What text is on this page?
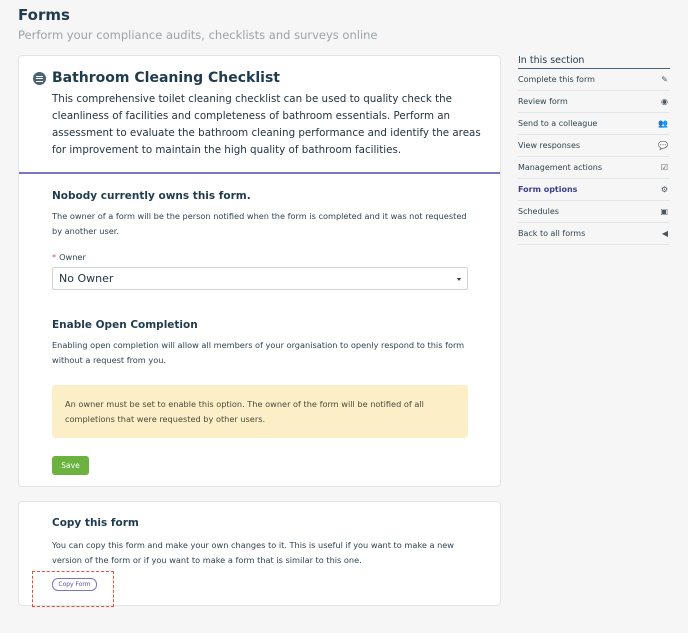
Forms
Perform your compliance audits, checklists and surveys online
Bathroom Cleaning Checklist
This comprehensive toilet cleaning checklist can be used to quality check the cleanliness of facilities and completeness of bathroom essentials. Perform an assessment to evaluate the bathroom cleaning performance and identify the areas for improvement to maintain the high quality of bathroom facilities.
Nobody currently owns this form.
The owner of a form will be the person notified when the form is completed and it was not requested by another user.
* Owner
No Owner
Enable Open Completion
Enabling open completion will allow all members of your organisation to openly respond to this form without a request from you.
An owner must be set to enable this option. The owner of the form will be notified of all completions that were requested by other users.
Save
Copy this form
You can copy this form and make your own changes to it. This is useful if you want to make a new version of the form or if you want to make a form that is similar to this one.
Copy Form
In this section
Complete this form	✎
Review form	◉
Send to a colleague	👥
View responses	💬
Management actions	☑
Form options	⚙
Schedules	▣
Back to all forms	◀
